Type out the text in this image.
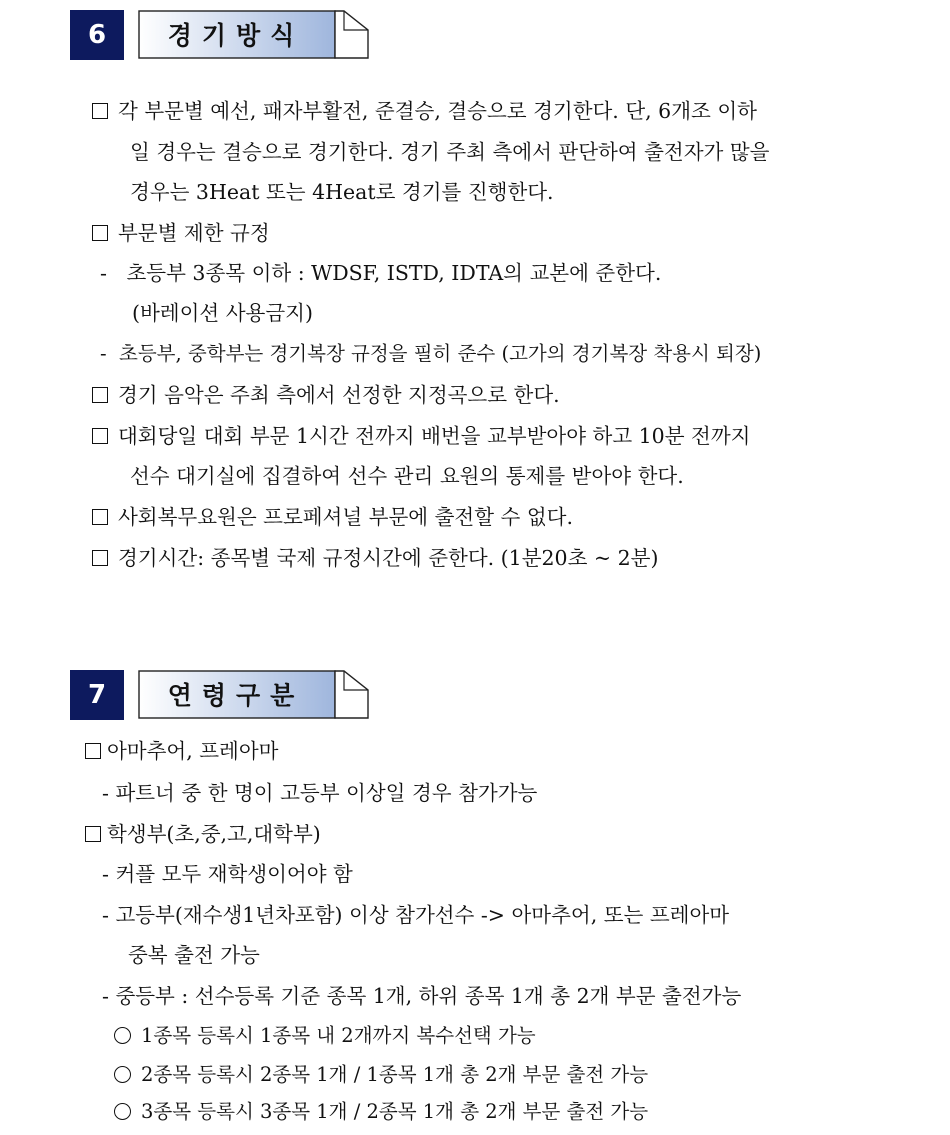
6	경기방식
각 부문별 예선, 패자부활전, 준결승, 결승으로 경기한다. 단, 6개조 이하
일 경우는 결승으로 경기한다. 경기 주최 측에서 판단하여 출전자가 많을
경우는 3Heat 또는 4Heat로 경기를 진행한다.
부문별 제한 규정
-   초등부 3종목 이하 : WDSF, ISTD, IDTA의 교본에 준한다.
(바레이션 사용금지)
-  초등부, 중학부는 경기복장 규정을 필히 준수 (고가의 경기복장 착용시 퇴장)
경기 음악은 주최 측에서 선정한 지정곡으로 한다.
대회당일 대회 부문 1시간 전까지 배번을 교부받아야 하고 10분 전까지
선수 대기실에 집결하여 선수 관리 요원의 통제를 받아야 한다.
사회복무요원은 프로페셔널 부문에 출전할 수 없다.
경기시간: 종목별 국제 규정시간에 준한다. (1분20초 ~ 2분)
7	연령구분
아마추어, 프레아마
- 파트너 중 한 명이 고등부 이상일 경우 참가가능
학생부(초,중,고,대학부)
- 커플 모두 재학생이어야 함
- 고등부(재수생1년차포함) 이상 참가선수 -> 아마추어, 또는 프레아마
중복 출전 가능
- 중등부 : 선수등록 기준 종목 1개, 하위 종목 1개 총 2개 부문 출전가능
1종목 등록시 1종목 내 2개까지 복수선택 가능
2종목 등록시 2종목 1개 / 1종목 1개 총 2개 부문 출전 가능
3종목 등록시 3종목 1개 / 2종목 1개 총 2개 부문 출전 가능
